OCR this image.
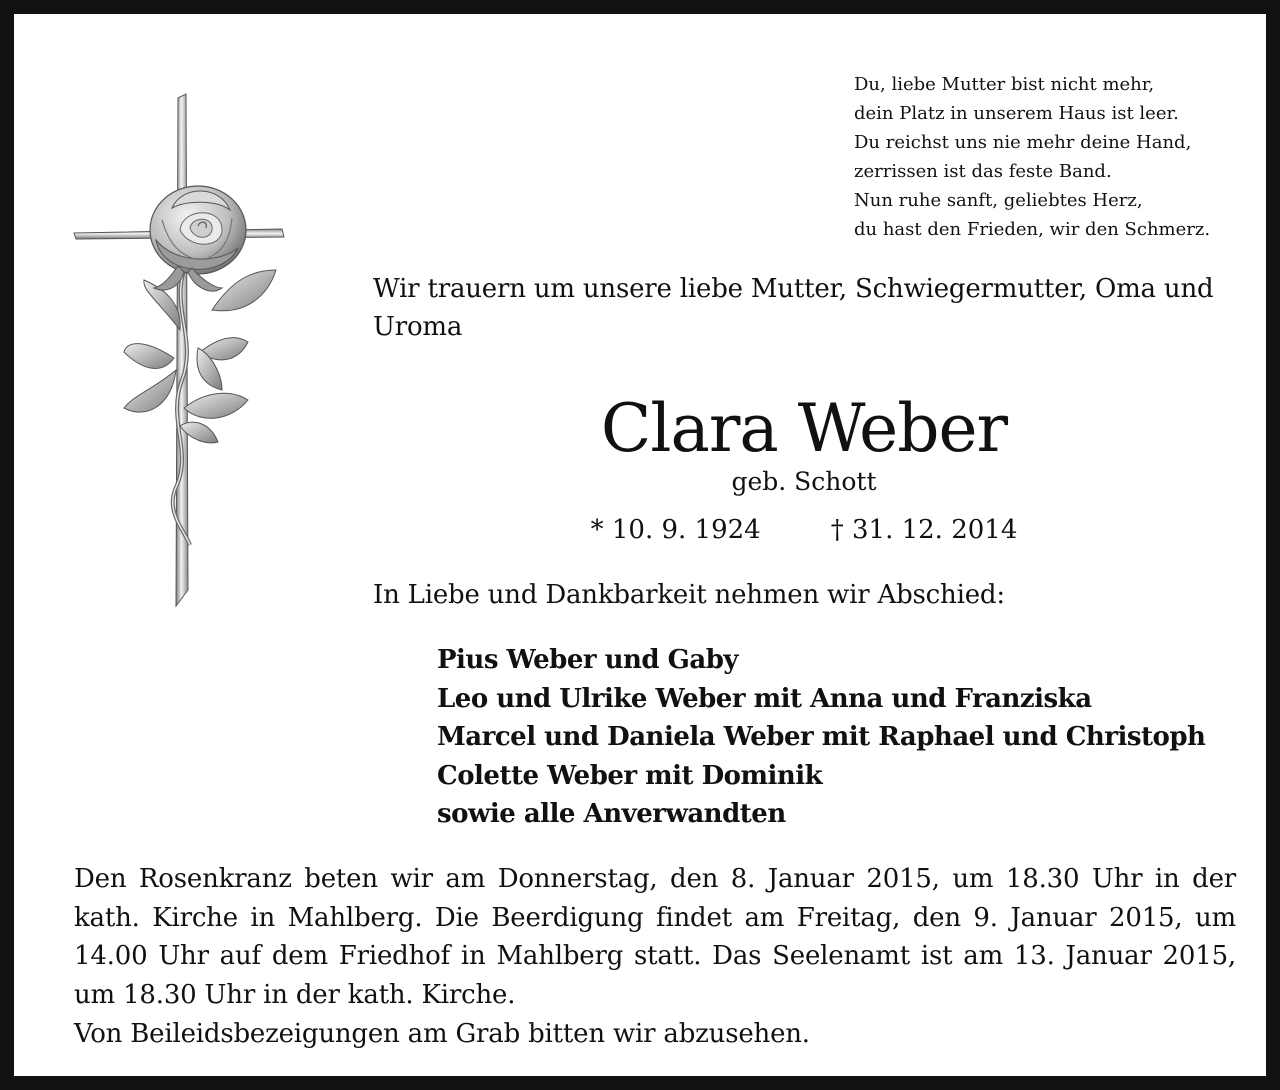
Du, liebe Mutter bist nicht mehr,
dein Platz in unserem Haus ist leer.
Du reichst uns nie mehr deine Hand,
zerrissen ist das feste Band.
Nun ruhe sanft, geliebtes Herz,
du hast den Frieden, wir den Schmerz.
Wir trauern um unsere liebe Mutter, Schwiegermutter, Oma und
Uroma
Clara Weber
geb. Schott
* 10. 9. 1924	† 31. 12. 2014
In Liebe und Dankbarkeit nehmen wir Abschied:
Pius Weber und Gaby
Leo und Ulrike Weber mit Anna und Franziska
Marcel und Daniela Weber mit Raphael und Christoph
Colette Weber mit Dominik
sowie alle Anverwandten
Den Rosenkranz beten wir am Donnerstag, den 8. Januar 2015, um 18.30 Uhr in der kath. Kirche in Mahlberg. Die Beerdigung findet am Freitag, den 9. Januar 2015, um 14.00 Uhr auf dem Friedhof in Mahlberg statt. Das Seelenamt ist am 13. Januar 2015, um 18.30 Uhr in der kath. Kirche.
Von Beileidsbezeigungen am Grab bitten wir abzusehen.
